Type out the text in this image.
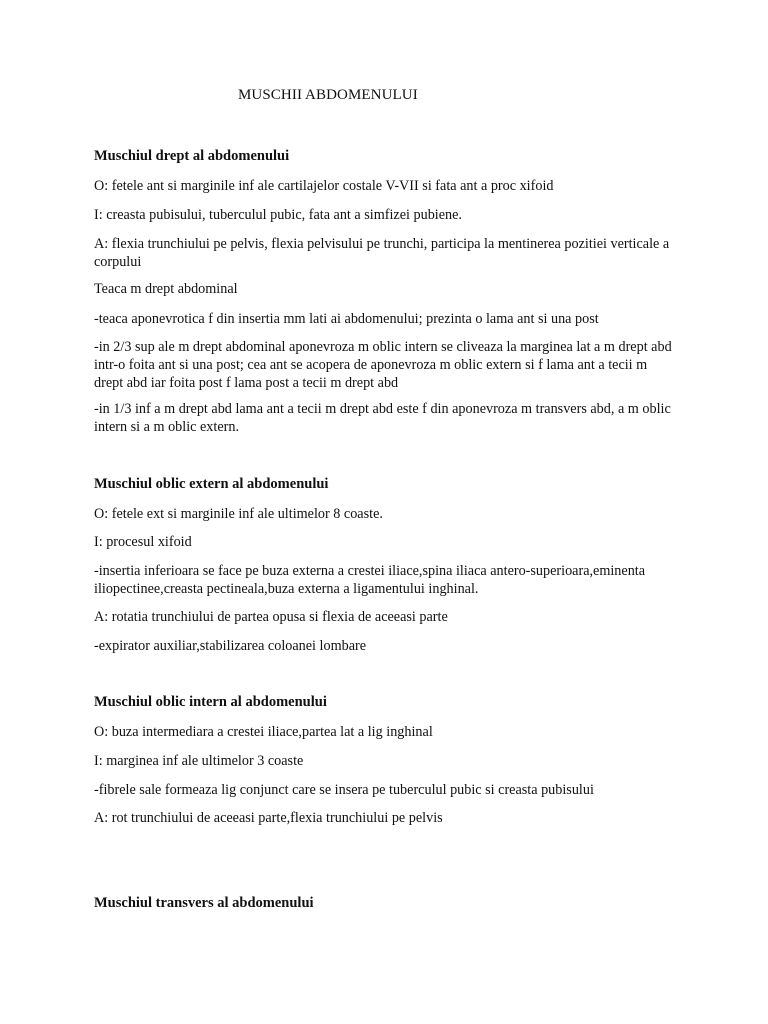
MUSCHII ABDOMENULUI
Muschiul drept al abdomenului

O: fetele ant si marginile inf ale cartilajelor costale V-VII si fata ant a proc xifoid

I: creasta pubisului, tuberculul pubic, fata ant a simfizei pubiene.

A: flexia trunchiului pe pelvis, flexia pelvisului pe trunchi, participa la mentinerea pozitiei verticale a corpului

Teaca m drept abdominal

-teaca aponevrotica f din insertia mm lati ai abdomenului; prezinta o lama ant si una post

-in 2/3 sup ale m drept abdominal aponevroza m oblic intern se cliveaza la marginea lat a m drept abd intr-o foita ant si una post; cea ant se acopera de aponevroza m oblic extern si f lama ant a tecii m drept abd iar foita post f lama post a tecii m drept abd

-in 1/3 inf a m drept abd lama ant a tecii m drept abd este f din aponevroza m transvers abd, a m oblic intern si a m oblic extern.

Muschiul oblic extern al abdomenului

O: fetele ext si marginile inf ale ultimelor 8 coaste.

I: procesul xifoid

-insertia inferioara se face pe buza externa a crestei iliace,spina iliaca antero-superioara,eminenta iliopectinee,creasta pectineala,buza externa a ligamentului inghinal.

A: rotatia trunchiului de partea opusa si flexia de aceeasi parte

-expirator auxiliar,stabilizarea coloanei lombare

Muschiul oblic intern al abdomenului

O: buza intermediara a crestei iliace,partea lat a lig inghinal

I: marginea inf ale ultimelor 3 coaste

-fibrele sale formeaza lig conjunct care se insera pe tuberculul pubic si creasta pubisului

A: rot trunchiului de aceeasi parte,flexia trunchiului pe pelvis

Muschiul transvers al abdomenului
